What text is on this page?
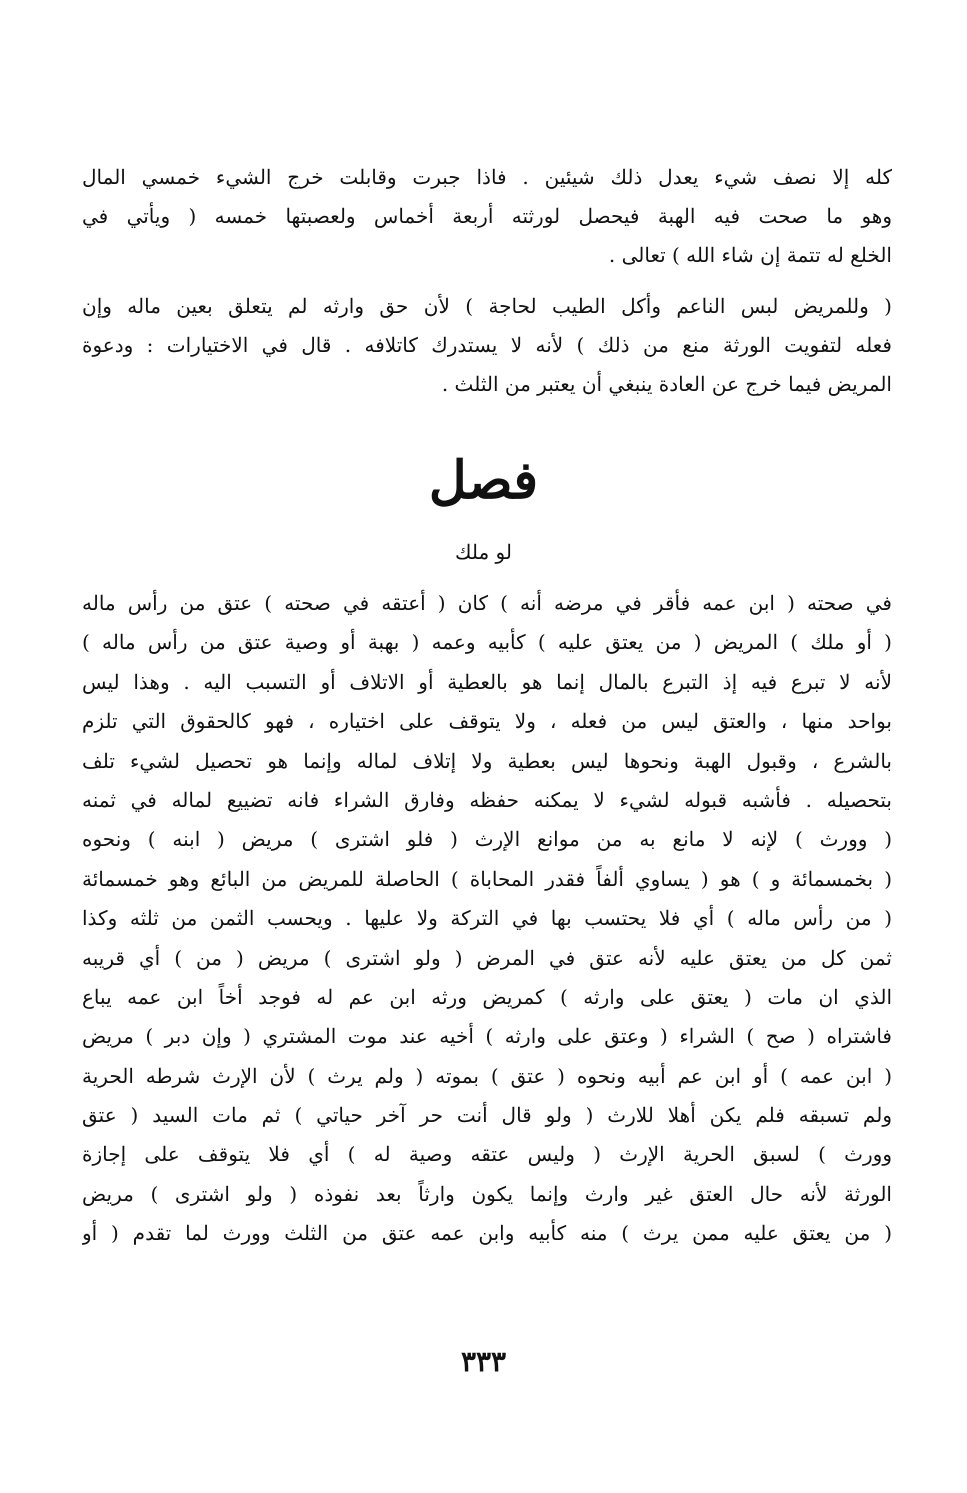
كله إلا نصف شيء يعدل ذلك شيئين . فاذا جبرت وقابلت خرج الشيء خمسي المال
وهو ما صحت فيه الهبة فيحصل لورثته أربعة أخماس ولعصبتها خمسه ( ويأتي في
الخلع له تتمة إن شاء الله ) تعالى .
( وللمريض لبس الناعم وأكل الطيب لحاجة ) لأن حق وارثه لم يتعلق بعين ماله وإن
فعله لتفويت الورثة منع من ذلك ) لأنه لا يستدرك كاتلافه . قال في الاختيارات : ودعوة
المريض فيما خرج عن العادة ينبغي أن يعتبر من الثلث .
فصل
لو ملك
في صحته ( ابن عمه فأقر في مرضه أنه ) كان ( أعتقه في صحته ) عتق من رأس ماله
( أو ملك ) المريض ( من يعتق عليه ) كأبيه وعمه ( بهبة أو وصية عتق من رأس ماله )
لأنه لا تبرع فيه إذ التبرع بالمال إنما هو بالعطية أو الاتلاف أو التسبب اليه . وهذا ليس
بواحد منها ، والعتق ليس من فعله ، ولا يتوقف على اختياره ، فهو كالحقوق التي تلزم
بالشرع ، وقبول الهبة ونحوها ليس بعطية ولا إتلاف لماله وإنما هو تحصيل لشيء تلف
بتحصيله . فأشبه قبوله لشيء لا يمكنه حفظه وفارق الشراء فانه تضييع لماله في ثمنه
( وورث ) لإنه لا مانع به من موانع الإرث ( فلو اشترى ) مريض ( ابنه ) ونحوه
( بخمسمائة و ) هو ( يساوي ألفاً فقدر المحاباة ) الحاصلة للمريض من البائع وهو خمسمائة
( من رأس ماله ) أي فلا يحتسب بها في التركة ولا عليها . ويحسب الثمن من ثلثه وكذا
ثمن كل من يعتق عليه لأنه عتق في المرض ( ولو اشترى ) مريض ( من ) أي قريبه
الذي ان مات ( يعتق على وارثه ) كمريض ورثه ابن عم له فوجد أخاً ابن عمه يباع
فاشتراه ( صح ) الشراء ( وعتق على وارثه ) أخيه عند موت المشتري ( وإن دبر ) مريض
( ابن عمه ) أو ابن عم أبيه ونحوه ( عتق ) بموته ( ولم يرث ) لأن الإرث شرطه الحرية
ولم تسبقه فلم يكن أهلا للارث ( ولو قال أنت حر آخر حياتي ) ثم مات السيد ( عتق
وورث ) لسبق الحرية الإرث ( وليس عتقه وصية له ) أي فلا يتوقف على إجازة
الورثة لأنه حال العتق غير وارث وإنما يكون وارثاً بعد نفوذه ( ولو اشترى ) مريض
( من يعتق عليه ممن يرث ) منه كأبيه وابن عمه عتق من الثلث وورث لما تقدم ( أو
٣٣٣
